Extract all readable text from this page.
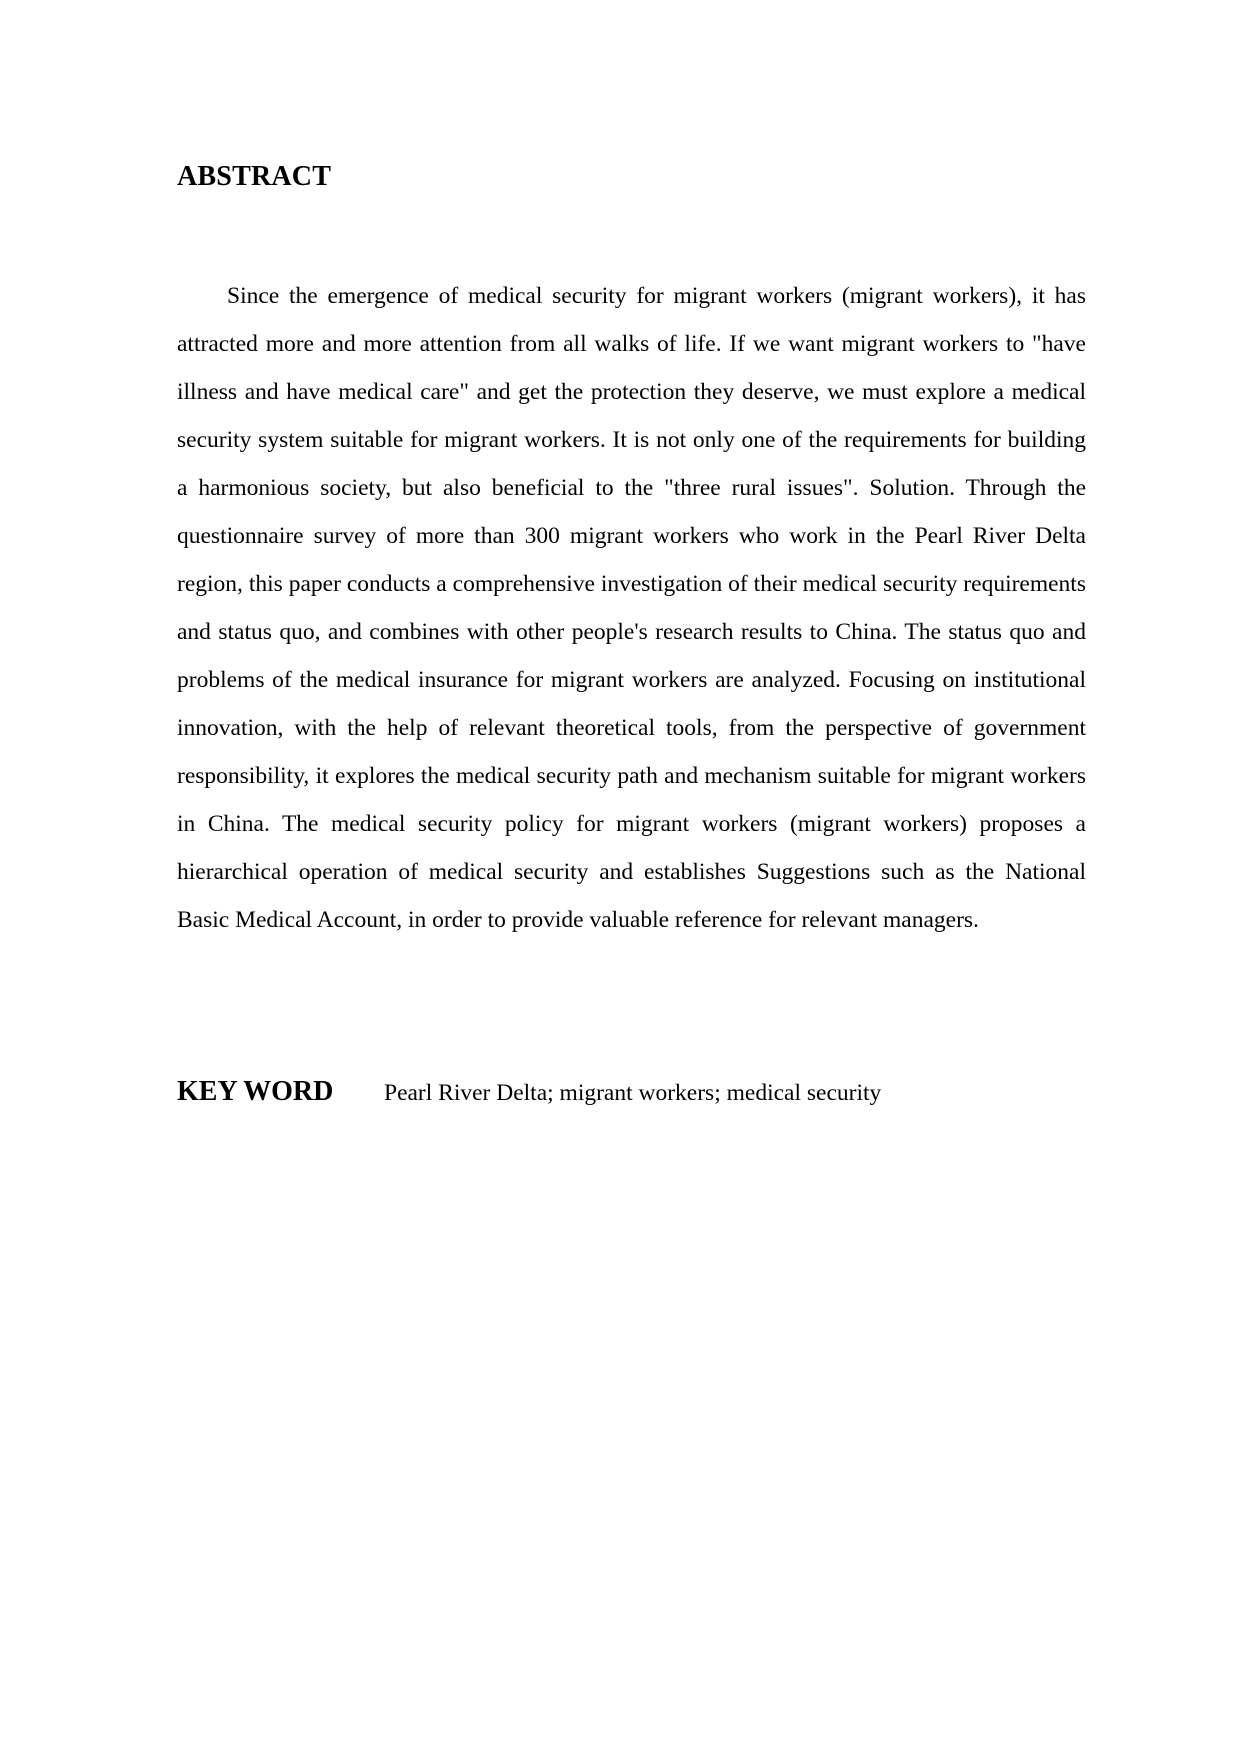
ABSTRACT

Since the emergence of medical security for migrant workers (migrant workers), it has attracted more and more attention from all walks of life. If we want migrant workers to "have illness and have medical care" and get the protection they deserve, we must explore a medical security system suitable for migrant workers. It is not only one of the requirements for building a harmonious society, but also beneficial to the "three rural issues". Solution. Through the questionnaire survey of more than 300 migrant workers who work in the Pearl River Delta region, this paper conducts a comprehensive investigation of their medical security requirements and status quo, and combines with other people's research results to China. The status quo and problems of the medical insurance for migrant workers are analyzed. Focusing on institutional innovation, with the help of relevant theoretical tools, from the perspective of government responsibility, it explores the medical security path and mechanism suitable for migrant workers in China. The medical security policy for migrant workers (migrant workers) proposes a hierarchical operation of medical security and establishes Suggestions such as the National Basic Medical Account, in order to provide valuable reference for relevant managers.

KEY WORD Pearl River Delta; migrant workers; medical security
